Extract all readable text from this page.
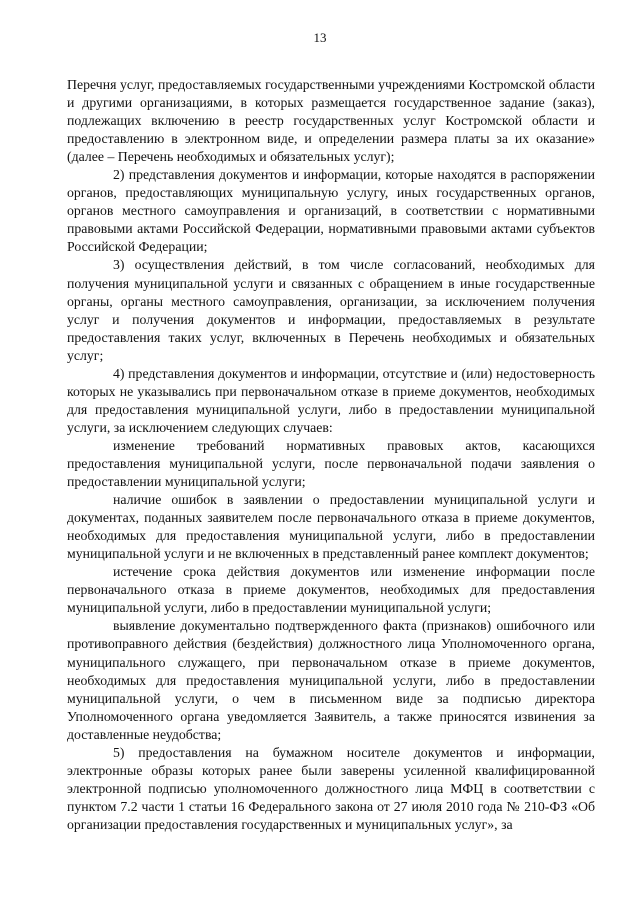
13

Перечня услуг, предоставляемых государственными учреждениями Костромской области и другими организациями, в которых размещается государственное задание (заказ), подлежащих включению в реестр государственных услуг Костромской области и предоставлению в электронном виде, и определении размера платы за их оказание» (далее – Перечень необходимых и обязательных услуг);

2) представления документов и информации, которые находятся в распоряжении органов, предоставляющих муниципальную услугу, иных государственных органов, органов местного самоуправления и организаций, в соответствии с нормативными правовыми актами Российской Федерации, нормативными правовыми актами субъектов Российской Федерации;

3) осуществления действий, в том числе согласований, необходимых для получения муниципальной услуги и связанных с обращением в иные государственные органы, органы местного самоуправления, организации, за исключением получения услуг и получения документов и информации, предоставляемых в результате предоставления таких услуг, включенных в Перечень необходимых и обязательных услуг;

4) представления документов и информации, отсутствие и (или) недостоверность которых не указывались при первоначальном отказе в приеме документов, необходимых для предоставления муниципальной услуги, либо в предоставлении муниципальной услуги, за исключением следующих случаев:

изменение требований нормативных правовых актов, касающихся предоставления муниципальной услуги, после первоначальной подачи заявления о предоставлении муниципальной услуги;

наличие ошибок в заявлении о предоставлении муниципальной услуги и документах, поданных заявителем после первоначального отказа в приеме документов, необходимых для предоставления муниципальной услуги, либо в предоставлении муниципальной услуги и не включенных в представленный ранее комплект документов;

истечение срока действия документов или изменение информации после первоначального отказа в приеме документов, необходимых для предоставления муниципальной услуги, либо в предоставлении муниципальной услуги;

выявление документально подтвержденного факта (признаков) ошибочного или противоправного действия (бездействия) должностного лица Уполномоченного органа, муниципального служащего, при первоначальном отказе в приеме документов, необходимых для предоставления муниципальной услуги, либо в предоставлении муниципальной услуги, о чем в письменном виде за подписью директора Уполномоченного органа уведомляется Заявитель, а также приносятся извинения за доставленные неудобства;

5) предоставления на бумажном носителе документов и информации, электронные образы которых ранее были заверены усиленной квалифицированной электронной подписью уполномоченного должностного лица МФЦ в соответствии с пунктом 7.2 части 1 статьи 16 Федерального закона от 27 июля 2010 года № 210-ФЗ «Об организации предоставления государственных и муниципальных услуг», за
